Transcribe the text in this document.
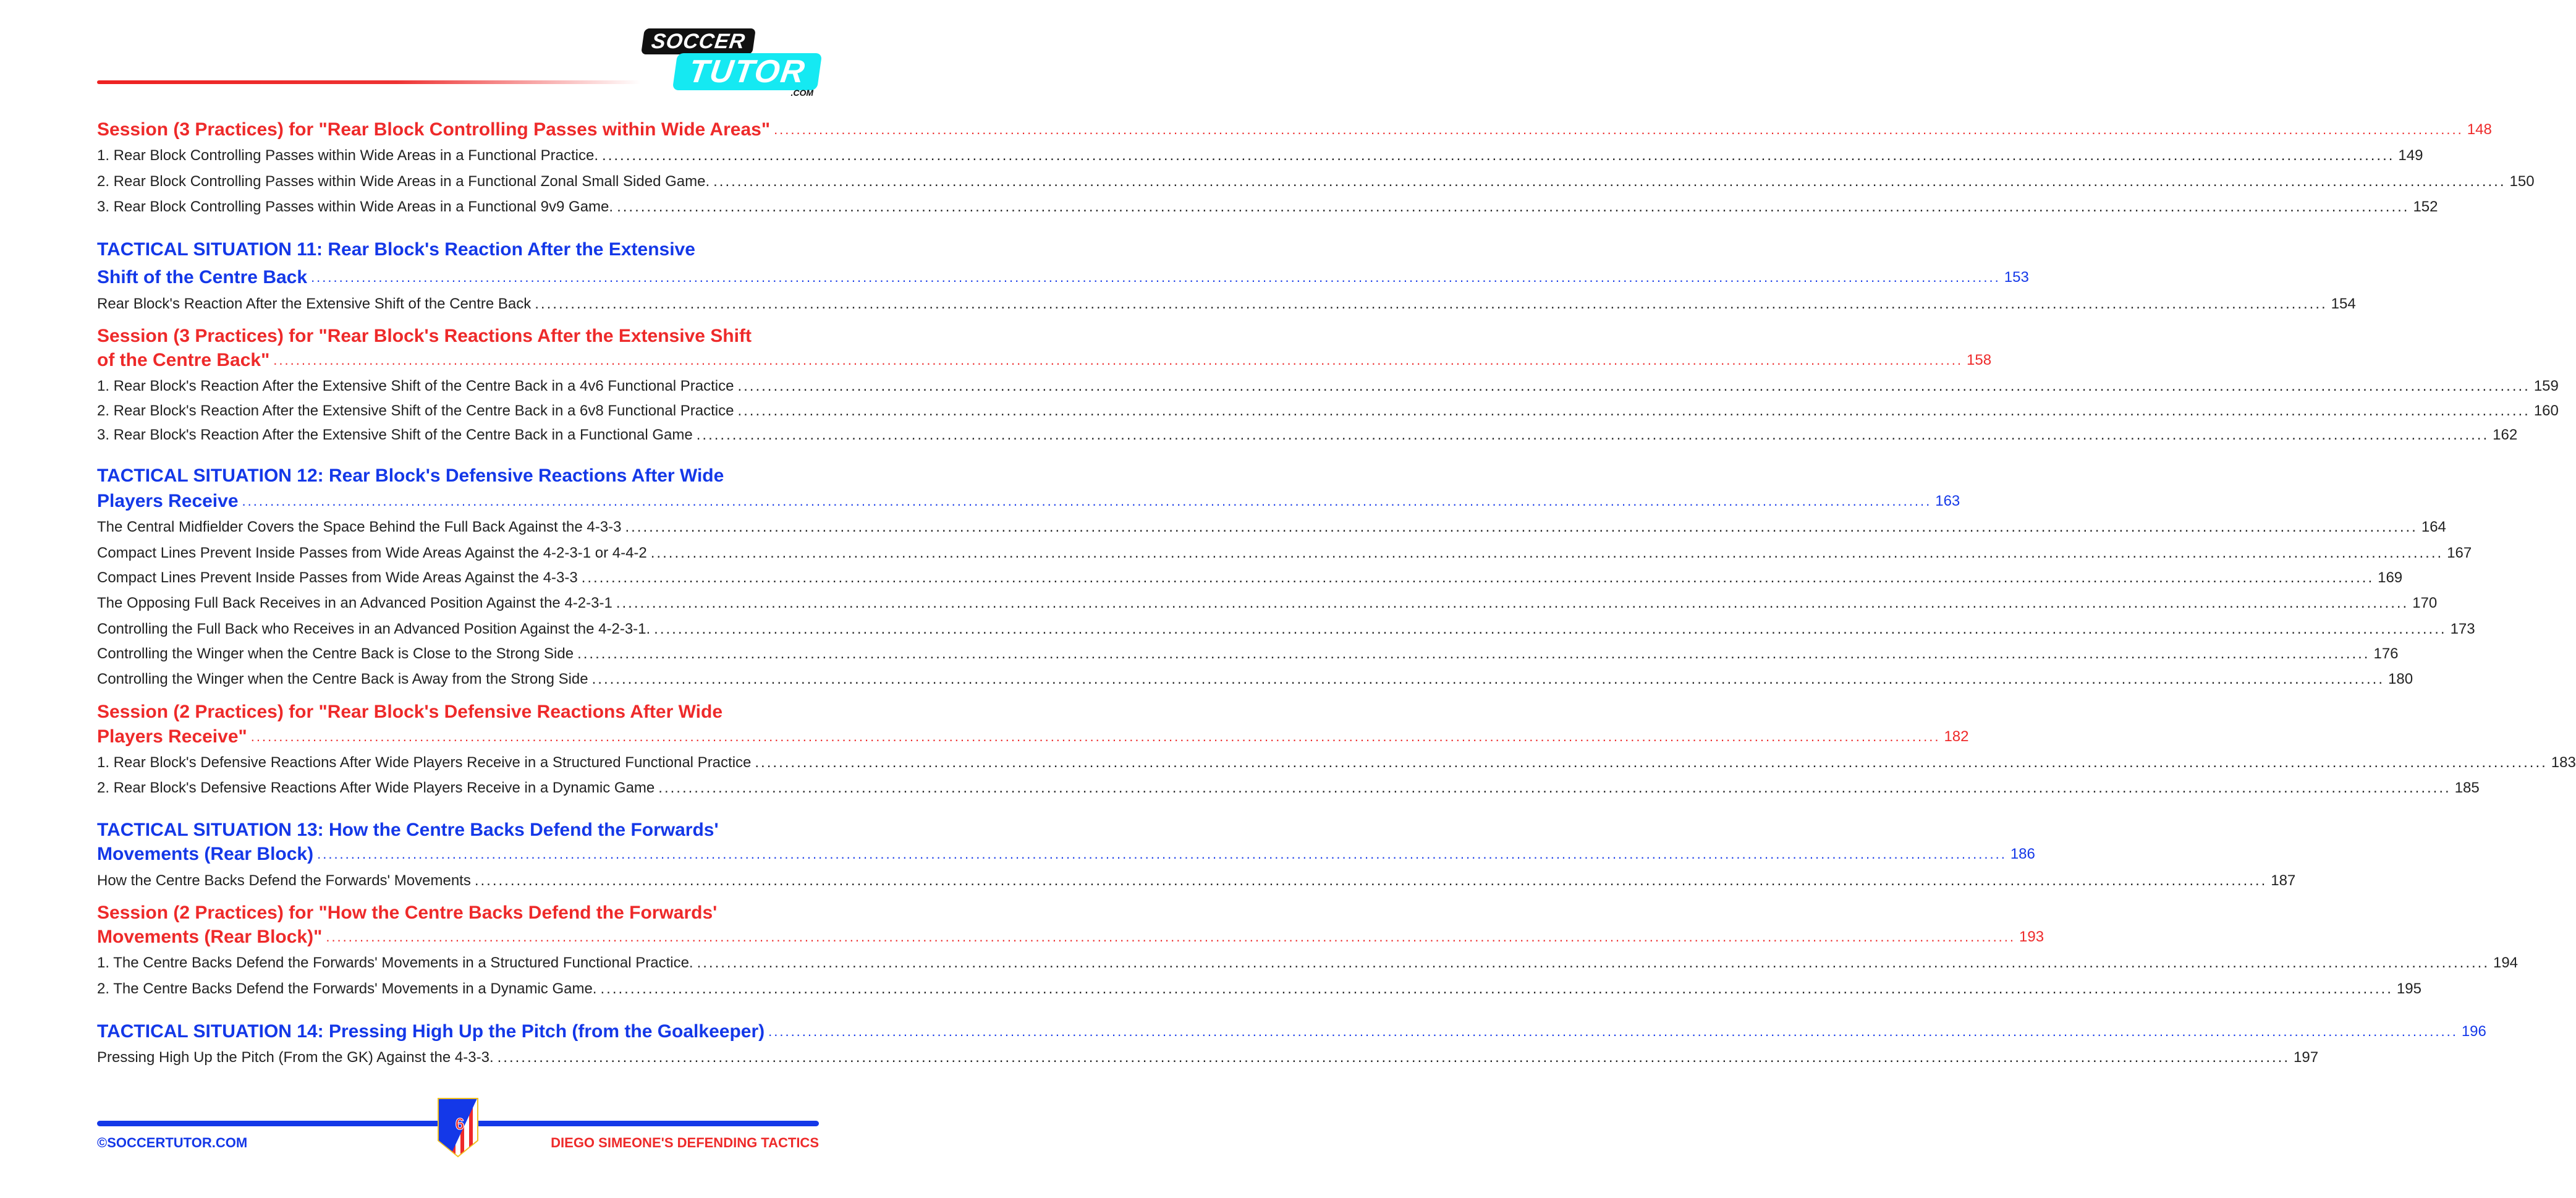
SOCCER
TUTOR
.COM
Session (3 Practices) for "Rear Block Controlling Passes within Wide Areas" ............................................................................................................................................................................................................................................................................................................ 148
1. Rear Block Controlling Passes within Wide Areas in a Functional Practice. ............................................................................................................................................................................................................................................................................................................ 149
2. Rear Block Controlling Passes within Wide Areas in a Functional Zonal Small Sided Game. ............................................................................................................................................................................................................................................................................................................ 150
3. Rear Block Controlling Passes within Wide Areas in a Functional 9v9 Game. ............................................................................................................................................................................................................................................................................................................ 152
TACTICAL SITUATION 11: Rear Block's Reaction After the Extensive
Shift of the Centre Back ............................................................................................................................................................................................................................................................................................................ 153
Rear Block's Reaction After the Extensive Shift of the Centre Back ............................................................................................................................................................................................................................................................................................................ 154
Session (3 Practices) for "Rear Block's Reactions After the Extensive Shift
of the Centre Back" ............................................................................................................................................................................................................................................................................................................ 158
1. Rear Block's Reaction After the Extensive Shift of the Centre Back in a 4v6 Functional Practice ............................................................................................................................................................................................................................................................................................................ 159
2. Rear Block's Reaction After the Extensive Shift of the Centre Back in a 6v8 Functional Practice ............................................................................................................................................................................................................................................................................................................ 160
3. Rear Block's Reaction After the Extensive Shift of the Centre Back in a Functional Game ............................................................................................................................................................................................................................................................................................................ 162
TACTICAL SITUATION 12: Rear Block's Defensive Reactions After Wide
Players Receive ............................................................................................................................................................................................................................................................................................................ 163
The Central Midfielder Covers the Space Behind the Full Back Against the 4-3-3 ............................................................................................................................................................................................................................................................................................................ 164
Compact Lines Prevent Inside Passes from Wide Areas Against the 4-2-3-1 or 4-4-2 ............................................................................................................................................................................................................................................................................................................ 167
Compact Lines Prevent Inside Passes from Wide Areas Against the 4-3-3 ............................................................................................................................................................................................................................................................................................................ 169
The Opposing Full Back Receives in an Advanced Position Against the 4-2-3-1 ............................................................................................................................................................................................................................................................................................................ 170
Controlling the Full Back who Receives in an Advanced Position Against the 4-2-3-1. ............................................................................................................................................................................................................................................................................................................ 173
Controlling the Winger when the Centre Back is Close to the Strong Side ............................................................................................................................................................................................................................................................................................................ 176
Controlling the Winger when the Centre Back is Away from the Strong Side ............................................................................................................................................................................................................................................................................................................ 180
Session (2 Practices) for "Rear Block's Defensive Reactions After Wide
Players Receive" ............................................................................................................................................................................................................................................................................................................ 182
1. Rear Block's Defensive Reactions After Wide Players Receive in a Structured Functional Practice ............................................................................................................................................................................................................................................................................................................ 183
2. Rear Block's Defensive Reactions After Wide Players Receive in a Dynamic Game ............................................................................................................................................................................................................................................................................................................ 185
TACTICAL SITUATION 13: How the Centre Backs Defend the Forwards'
Movements (Rear Block) ............................................................................................................................................................................................................................................................................................................ 186
How the Centre Backs Defend the Forwards' Movements ............................................................................................................................................................................................................................................................................................................ 187
Session (2 Practices) for "How the Centre Backs Defend the Forwards'
Movements (Rear Block)" ............................................................................................................................................................................................................................................................................................................ 193
1. The Centre Backs Defend the Forwards' Movements in a Structured Functional Practice. ............................................................................................................................................................................................................................................................................................................ 194
2. The Centre Backs Defend the Forwards' Movements in a Dynamic Game. ............................................................................................................................................................................................................................................................................................................ 195
TACTICAL SITUATION 14: Pressing High Up the Pitch (from the Goalkeeper) ............................................................................................................................................................................................................................................................................................................ 196
Pressing High Up the Pitch (From the GK) Against the 4-3-3. ............................................................................................................................................................................................................................................................................................................ 197
6
©SOCCERTUTOR.COM	DIEGO SIMEONE'S DEFENDING TACTICS
